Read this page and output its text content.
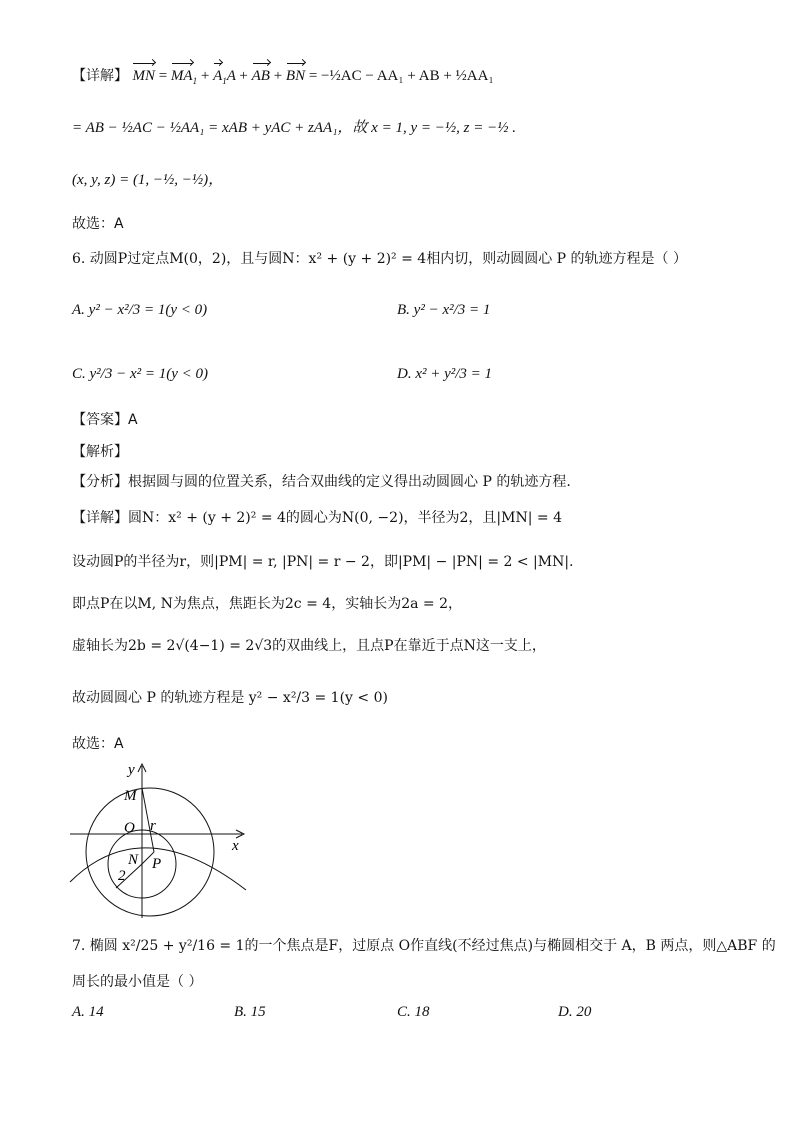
【详解】 MN = $MA_1 + A_1A$ + AB + BN = −½AC − AA₁ + AB + ½AA₁
= AB − ½AC − ½AA₁ = xAB + yAC + zAA₁，故 x = 1, y = −½, z = −½ .
(x, y, z) = (1, −½, −½)，
故选：A
6. 动圆P过定点M(0，2)，且与圆N：x² + (y + 2)² = 4相内切，则动圆圆心 P 的轨迹方程是（ ）
A. y² − x²/3 = 1(y < 0)	B. y² − x²/3 = 1
C. y²/3 − x² = 1(y < 0)	D. x² + y²/3 = 1
【答案】A
【解析】
【分析】根据圆与圆的位置关系，结合双曲线的定义得出动圆圆心 P 的轨迹方程.
【详解】圆N：x² + (y + 2)² = 4的圆心为N(0, −2)，半径为2，且|MN| = 4
设动圆P的半径为r，则|PM| = r, |PN| = r − 2，即|PM| − |PN| = 2 < |MN|.
即点P在以M, N为焦点，焦距长为2c = 4，实轴长为2a = 2，
虚轴长为2b = 2√(4−1) = 2√3的双曲线上，且点P在靠近于点N这一支上，
故动圆圆心 P 的轨迹方程是 y² − x²/3 = 1(y < 0)
故选：A
y
x
M
O r
N P
2
7. 椭圆 x²/25 + y²/16 = 1的一个焦点是F，过原点 O作直线(不经过焦点)与椭圆相交于 A，B 两点，则△ABF 的
周长的最小值是（ ）
A. 14	B. 15	C. 18	D. 20
